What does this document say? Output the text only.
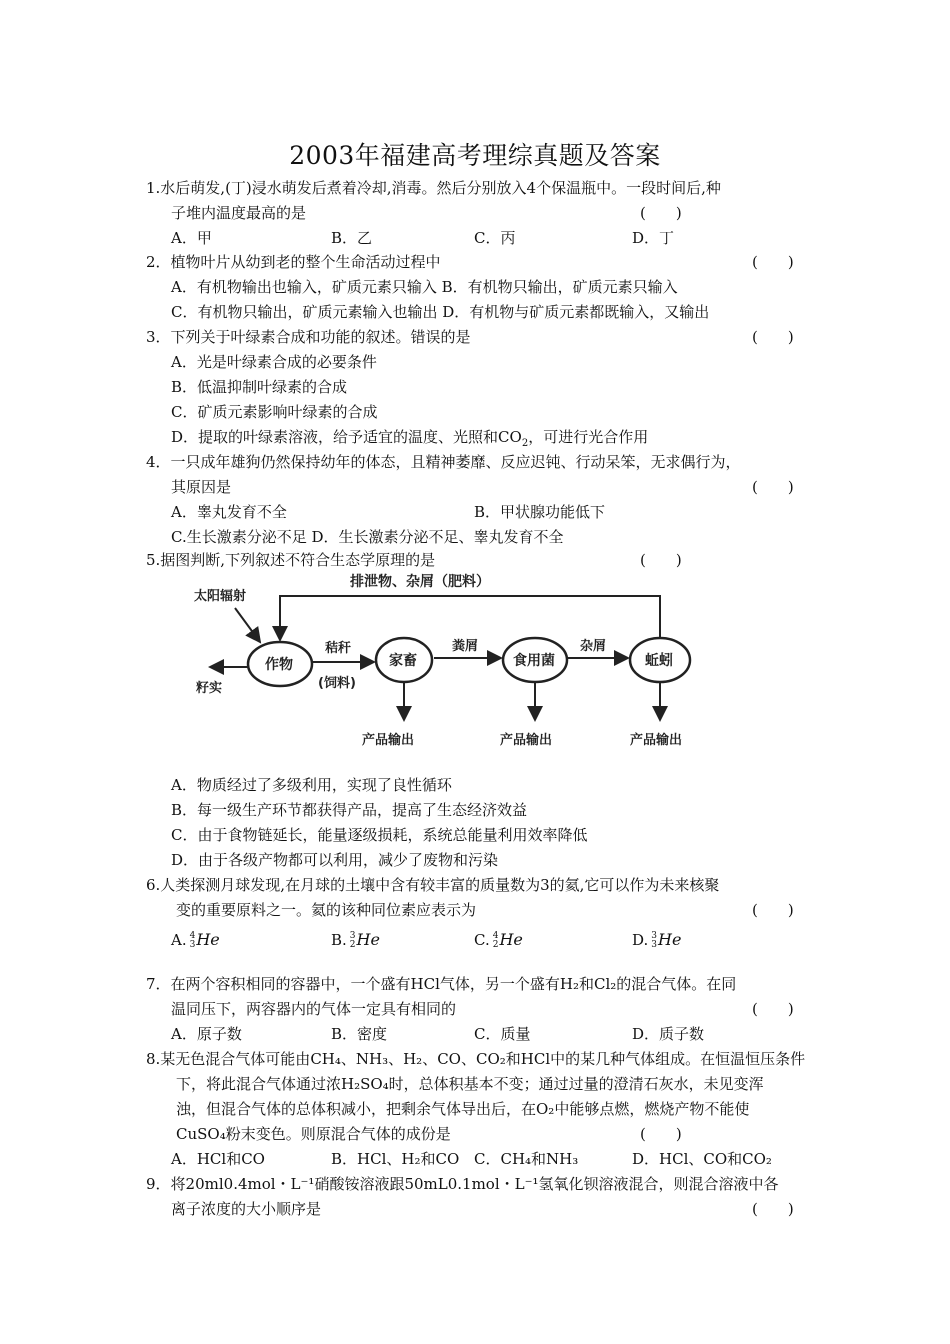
2003年福建高考理综真题及答案
1.水后萌发,(丁)浸水萌发后煮着冷却,消毒。然后分别放入4个保温瓶中。一段时间后,种
子堆内温度最高的是	(　　)
A．甲	B．乙	C．丙	D．丁
2．植物叶片从幼到老的整个生命活动过程中	(　　)
A．有机物输出也输入，矿质元素只输入 B．有机物只输出，矿质元素只输入
C．有机物只输出，矿质元素输入也输出 D．有机物与矿质元素都既输入，又输出
3．下列关于叶绿素合成和功能的叙述。错误的是	(　　)
A．光是叶绿素合成的必要条件
B．低温抑制叶绿素的合成
C．矿质元素影响叶绿素的合成
D．提取的叶绿素溶液，给予适宜的温度、光照和$CO_2$，可进行光合作用
4．一只成年雄狗仍然保持幼年的体态，且精神萎靡、反应迟钝、行动呆笨，无求偶行为，
其原因是	(　　)
A．睾丸发育不全	B．甲状腺功能低下
C.生长激素分泌不足 D．生长激素分泌不足、睾丸发育不全
5.据图判断,下列叙述不符合生态学原理的是	(　　)
排泄物、杂屑（肥料）
太阳辐射
作物	家畜	食用菌	蚯蚓
籽实
秸秆
(饲料)
粪屑	杂屑
产品输出	产品输出	产品输出
A．物质经过了多级利用，实现了良性循环
B．每一级生产环节都获得产品，提高了生态经济效益
C．由于食物链延长，能量逐级损耗，系统总能量利用效率降低
D．由于各级产物都可以利用，减少了废物和污染
6.人类探测月球发现,在月球的土壤中含有较丰富的质量数为3的氦,它可以作为未来核聚
变的重要原料之一。氦的该种同位素应表示为	(　　)
A. 4
3He	B. 3
2He	C. 4
2He	D. 3
3He
7．在两个容积相同的容器中，一个盛有HCl气体，另一个盛有H₂和Cl₂的混合气体。在同
温同压下，两容器内的气体一定具有相同的	(　　)
A．原子数	B．密度	C．质量	D．质子数
8.某无色混合气体可能由CH₄、NH₃、H₂、CO、CO₂和HCl中的某几种气体组成。在恒温恒压条件
下，将此混合气体通过浓H₂SO₄时，总体积基本不变；通过过量的澄清石灰水，未见变浑
浊，但混合气体的总体积减小，把剩余气体导出后，在O₂中能够点燃，燃烧产物不能使
CuSO₄粉末变色。则原混合气体的成份是	(　　)
A．HCl和CO	B．HCl、H₂和CO C．CH₄和NH₃	D．HCl、CO和CO₂
9．将20ml0.4mol・L⁻¹硝酸铵溶液跟50mL0.1mol・L⁻¹氢氧化钡溶液混合，则混合溶液中各
离子浓度的大小顺序是	(　　)
